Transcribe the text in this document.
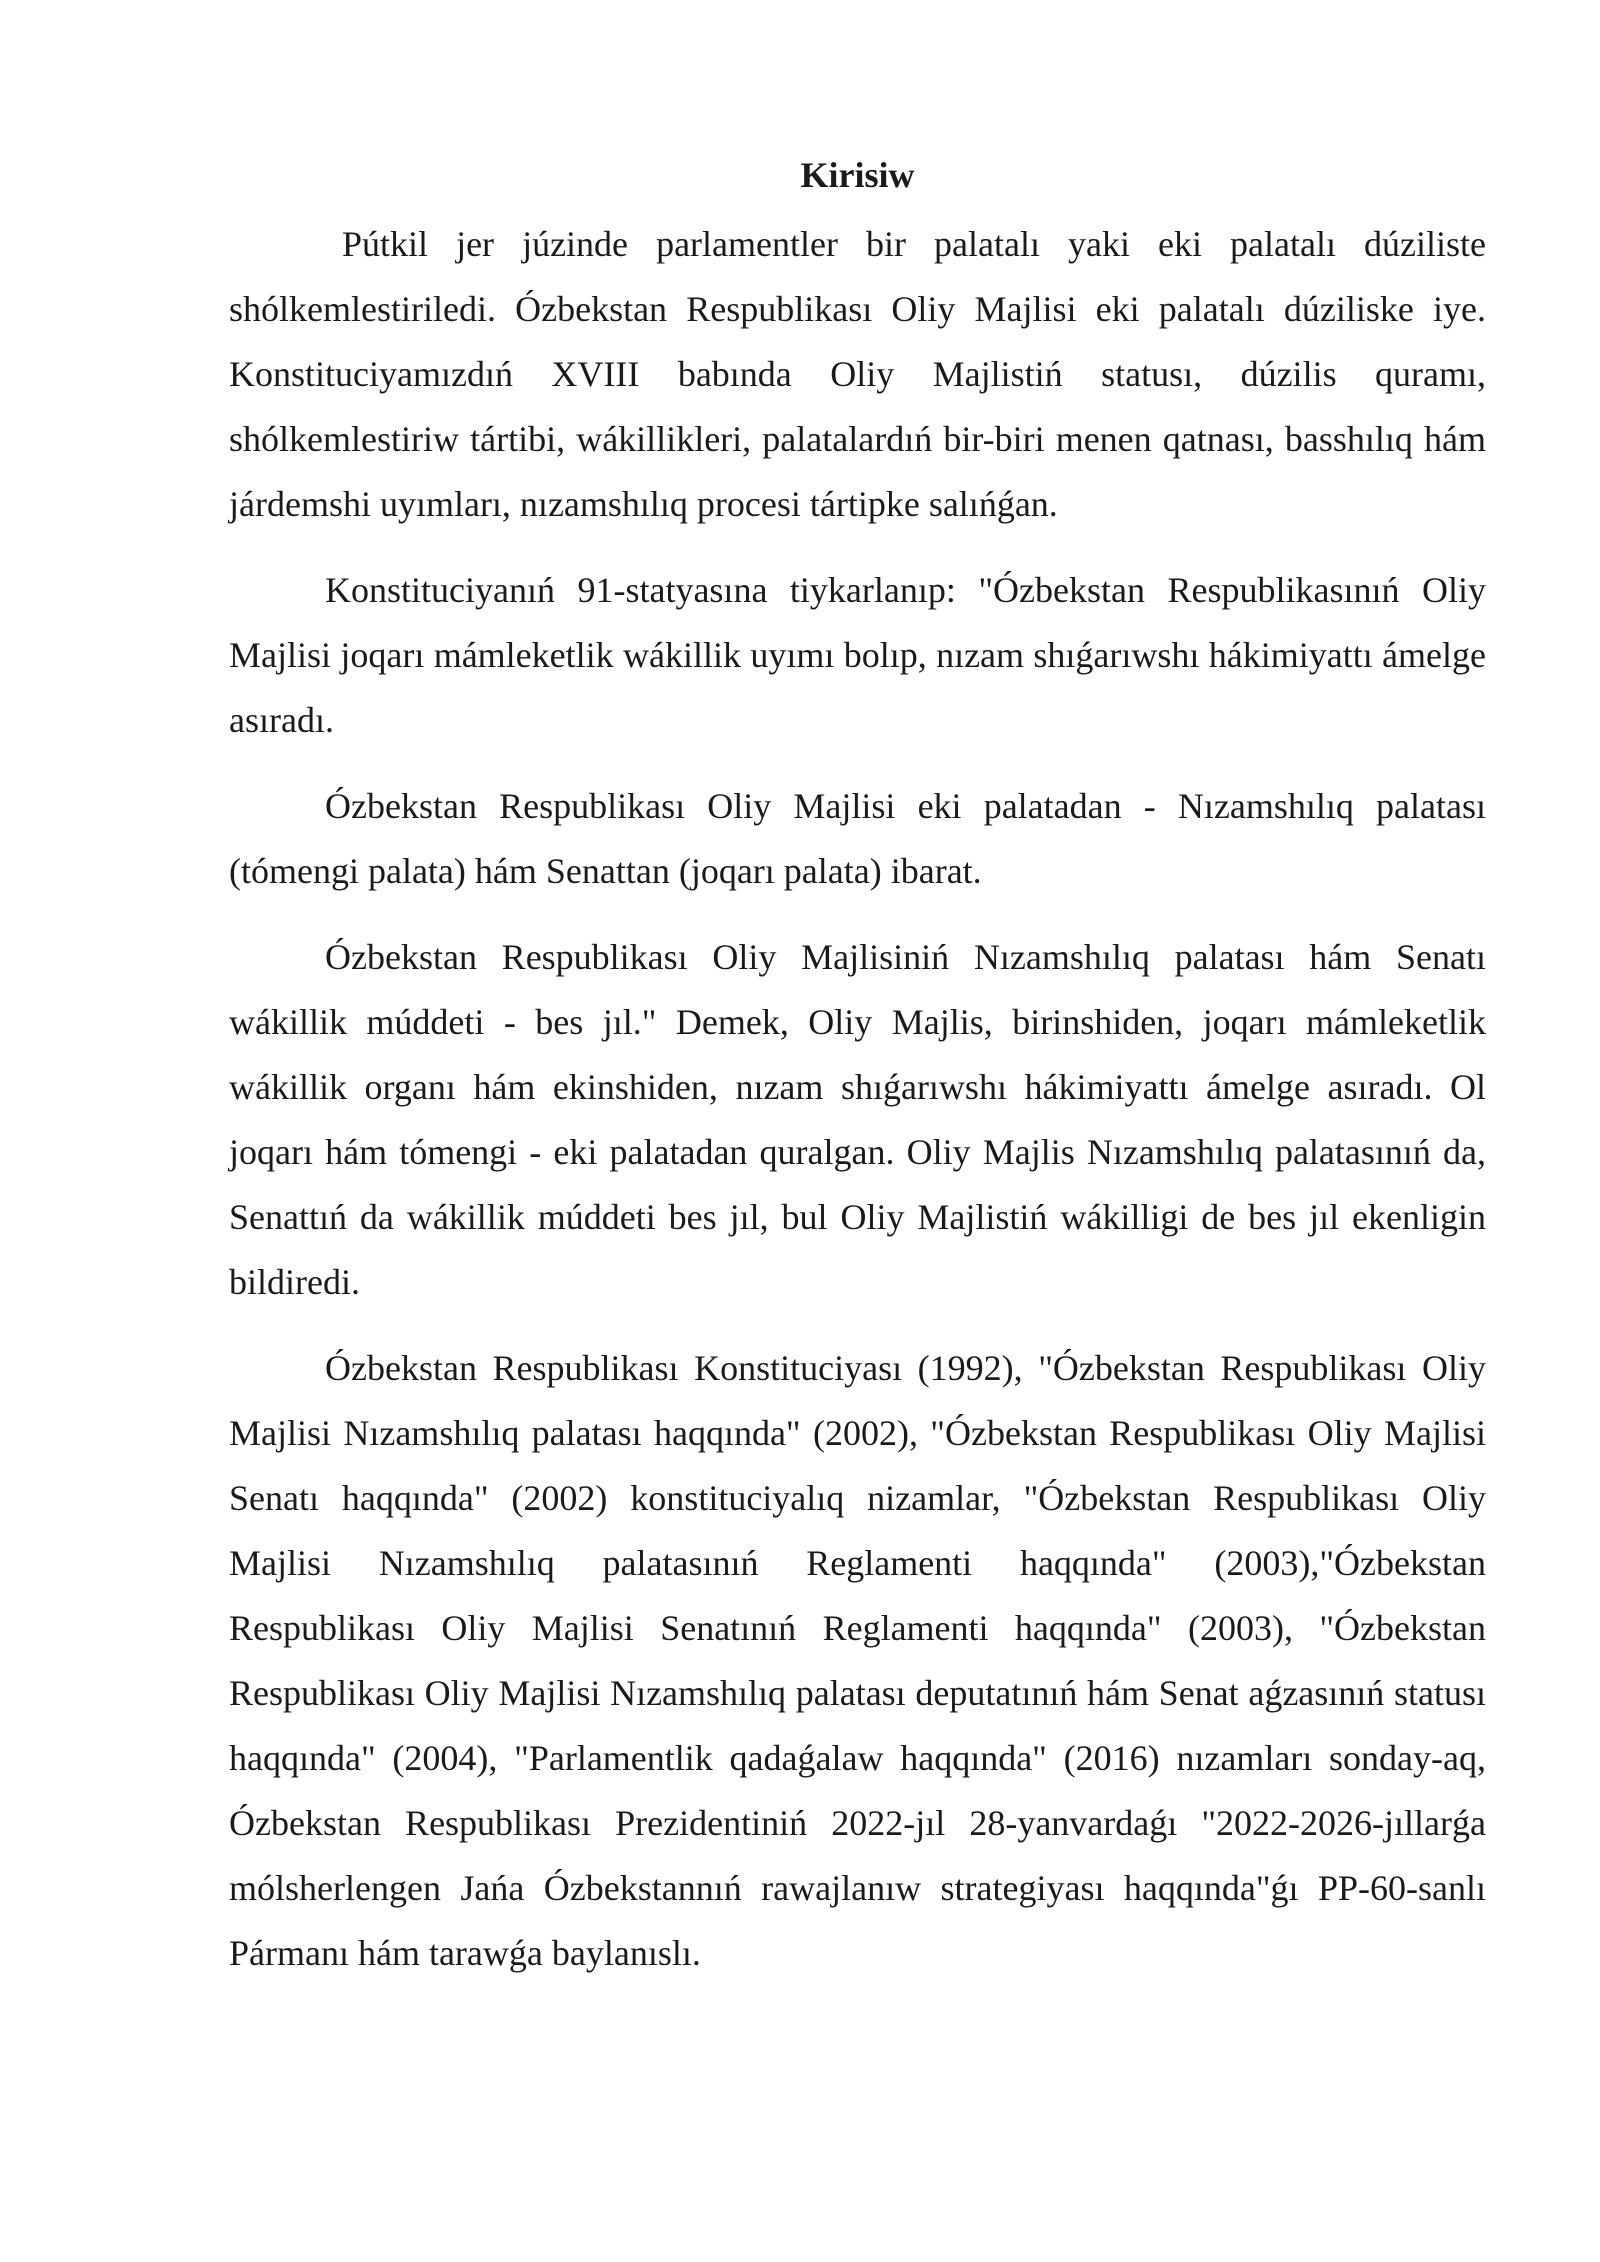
Kirisiw

Pútkil jer júzinde parlamentler bir palatalı yaki eki palatalı dúziliste shólkemlestiriledi. Ózbekstan Respublikası Oliy Majlisi eki palatalı dúziliske iye. Konstituciyamızdıń XVIII babında Oliy Majlistiń statusı, dúzilis quramı, shólkemlestiriw tártibi, wákillikleri, palatalardıń bir-biri menen qatnası, basshılıq hám járdemshi uyımları, nızamshılıq procesi tártipke salıńǵan.

Konstituciyanıń 91-statyasına tiykarlanıp: "Ózbekstan Respublikasınıń Oliy Majlisi joqarı mámleketlik wákillik uyımı bolıp, nızam shıǵarıwshı hákimiyattı ámelge asıradı.

Ózbekstan Respublikası Oliy Majlisi eki palatadan - Nızamshılıq palatası (tómengi palata) hám Senattan (joqarı palata) ibarat.

Ózbekstan Respublikası Oliy Majlisiniń Nızamshılıq palatası hám Senatı wákillik múddeti - bes jıl." Demek, Oliy Majlis, birinshiden, joqarı mámleketlik wákillik organı hám ekinshiden, nızam shıǵarıwshı hákimiyattı ámelge asıradı. Ol joqarı hám tómengi - eki palatadan quralgan. Oliy Majlis Nızamshılıq palatasınıń da, Senattıń da wákillik múddeti bes jıl, bul Oliy Majlistiń wákilligi de bes jıl ekenligin bildiredi.

Ózbekstan Respublikası Konstituciyası (1992), "Ózbekstan Respublikası Oliy Majlisi Nızamshılıq palatası haqqında" (2002), "Ózbekstan Respublikası Oliy Majlisi Senatı haqqında" (2002) konstituciyalıq nizamlar, "Ózbekstan Respublikası Oliy Majlisi Nızamshılıq palatasınıń Reglamenti haqqında" (2003),"Ózbekstan Respublikası Oliy Majlisi Senatınıń Reglamenti haqqında" (2003), "Ózbekstan Respublikası Oliy Majlisi Nızamshılıq palatası deputatınıń hám Senat aǵzasınıń statusı haqqında" (2004), "Parlamentlik qadaǵalaw haqqında" (2016) nızamları sonday-aq, Ózbekstan Respublikası Prezidentiniń 2022-jıl 28-yanvardaǵı "2022-2026-jıllarǵa mólsherlengen Jańa Ózbekstannıń rawajlanıw strategiyası haqqında"ǵı PP-60-sanlı Pármanı hám tarawǵa baylanıslı.
